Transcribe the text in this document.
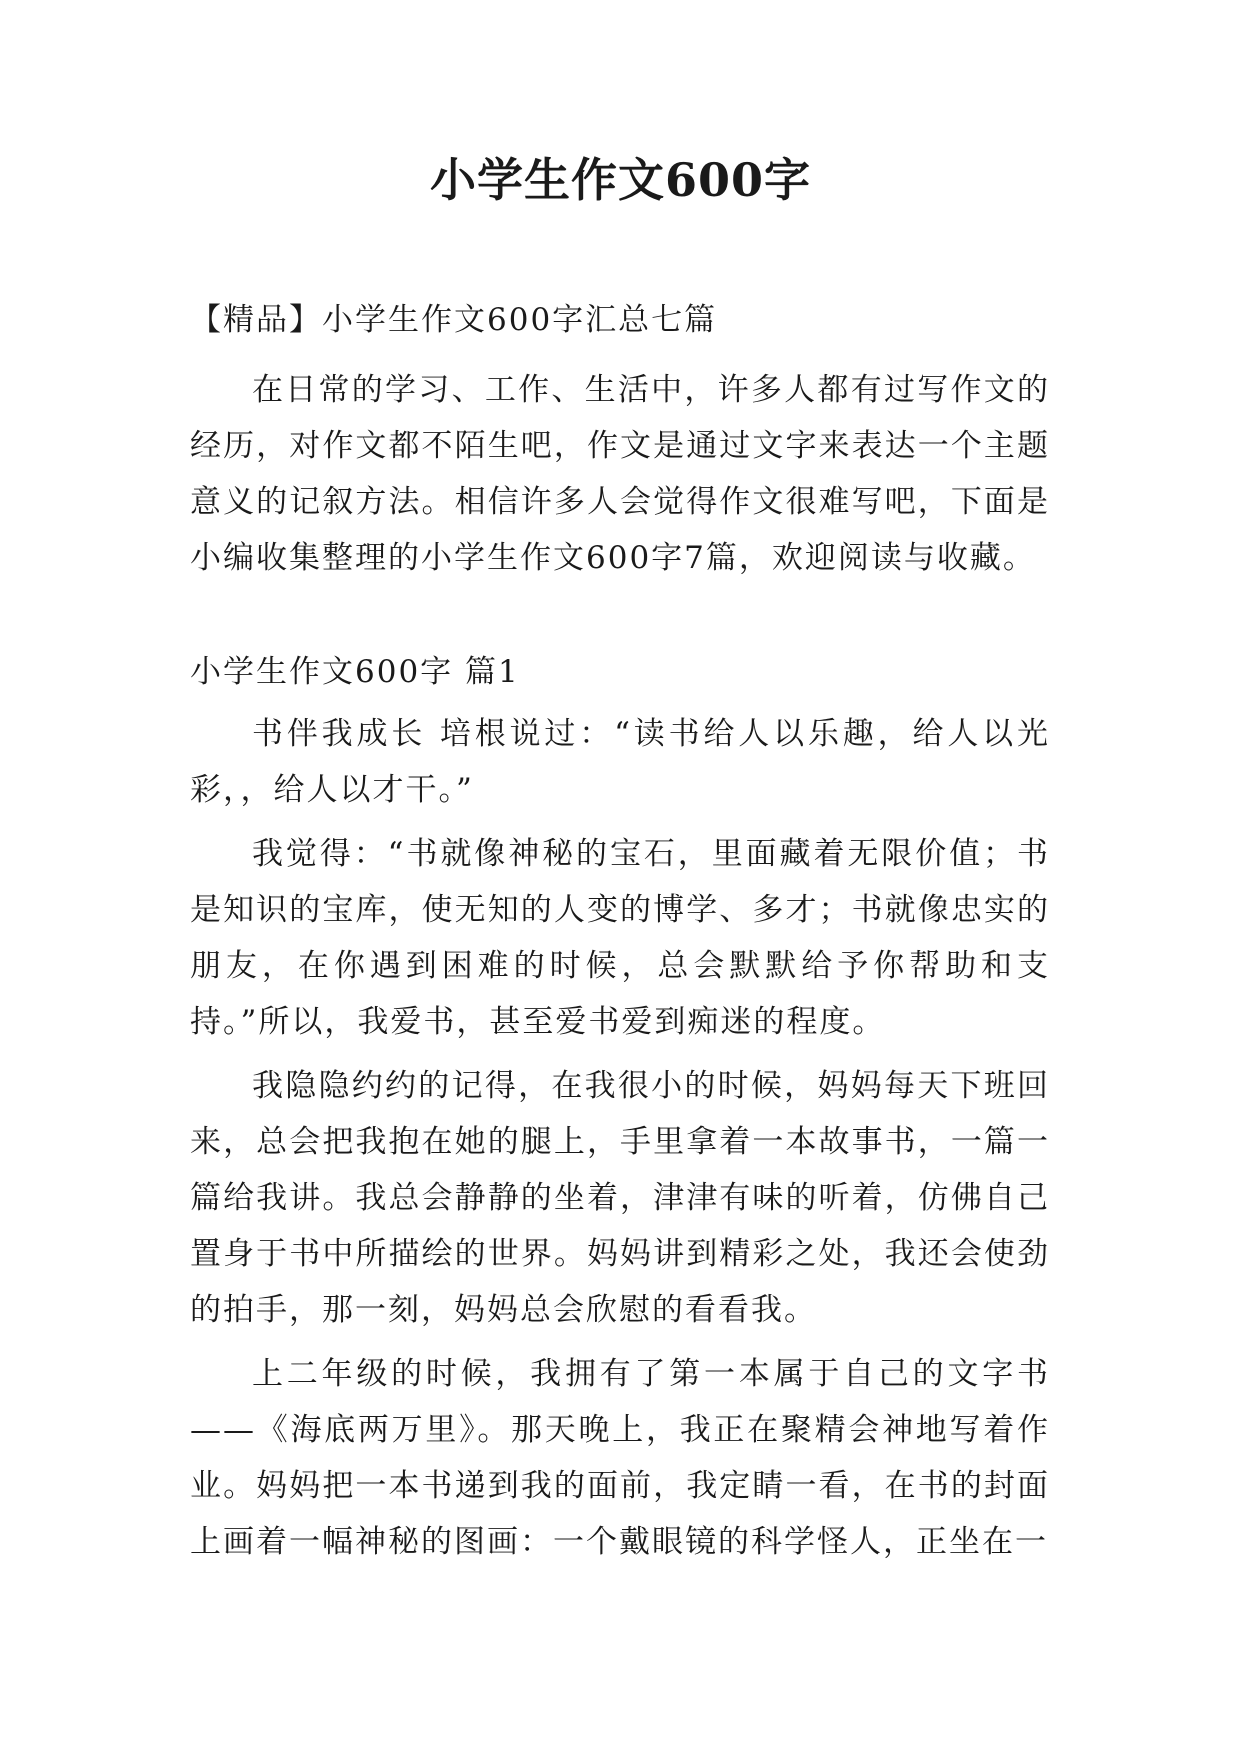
小学生作文600字

【精品】小学生作文600字汇总七篇

在日常的学习、工作、生活中，许多人都有过写作文的经历，对作文都不陌生吧，作文是通过文字来表达一个主题意义的记叙方法。相信许多人会觉得作文很难写吧，下面是小编收集整理的小学生作文600字7篇，欢迎阅读与收藏。

小学生作文600字 篇1

书伴我成长 培根说过：“读书给人以乐趣，给人以光彩，，给人以才干。”

我觉得：“书就像神秘的宝石，里面藏着无限价值；书是知识的宝库，使无知的人变的博学、多才；书就像忠实的朋友，在你遇到困难的时候，总会默默给予你帮助和支持。”所以，我爱书，甚至爱书爱到痴迷的程度。

我隐隐约约的记得，在我很小的时候，妈妈每天下班回来，总会把我抱在她的腿上，手里拿着一本故事书，一篇一篇给我讲。我总会静静的坐着，津津有味的听着，仿佛自己置身于书中所描绘的世界。妈妈讲到精彩之处，我还会使劲的拍手，那一刻，妈妈总会欣慰的看看我。

上二年级的时候，我拥有了第一本属于自己的文字书——《海底两万里》。那天晚上，我正在聚精会神地写着作业。妈妈把一本书递到我的面前，我定睛一看，在书的封面上画着一幅神秘的图画：一个戴眼镜的科学怪人，正坐在一
